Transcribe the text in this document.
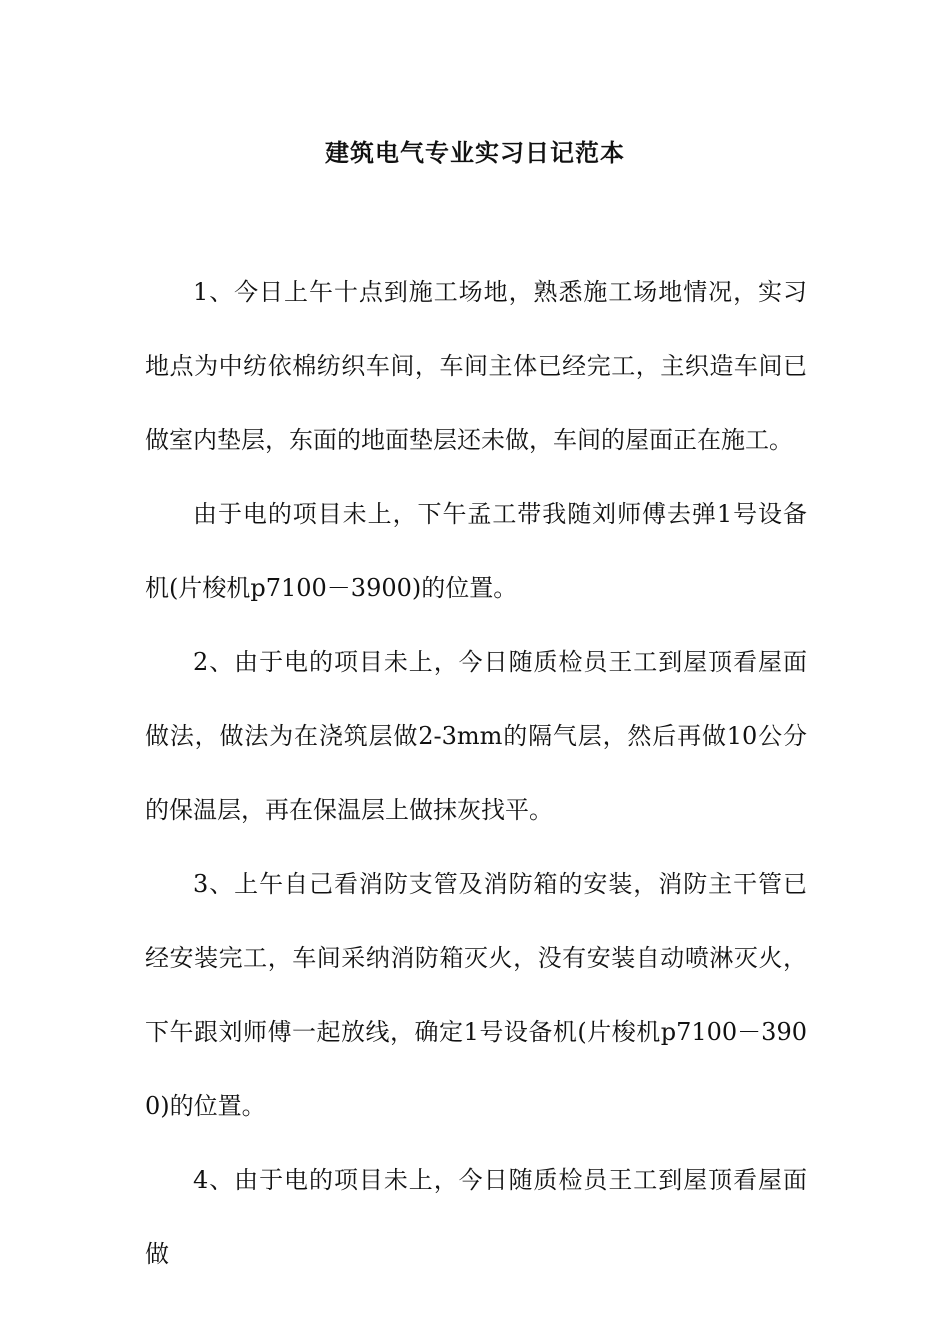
建筑电气专业实习日记范本

1、今日上午十点到施工场地，熟悉施工场地情况，实习地点为中纺依棉纺织车间，车间主体已经完工，主织造车间已做室内垫层，东面的地面垫层还未做，车间的屋面正在施工。

由于电的项目未上，下午孟工带我随刘师傅去弹1号设备机(片梭机p7100－3900)的位置。

2、由于电的项目未上，今日随质检员王工到屋顶看屋面做法，做法为在浇筑层做2-3mm的隔气层，然后再做10公分的保温层，再在保温层上做抹灰找平。

3、上午自己看消防支管及消防箱的安装，消防主干管已经安装完工，车间采纳消防箱灭火，没有安装自动喷淋灭火，下午跟刘师傅一起放线，确定1号设备机(片梭机p7100－3900)的位置。

4、由于电的项目未上，今日随质检员王工到屋顶看屋面做
